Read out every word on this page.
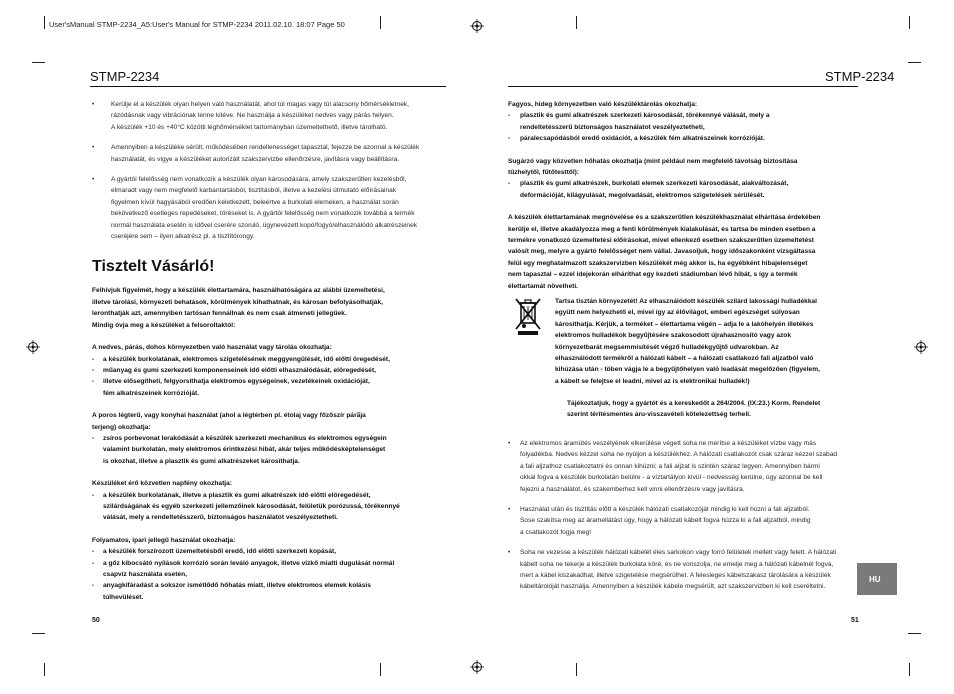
User'sManual STMP-2234_A5:User's Manual for STMP-2234 2011.02.10. 18:07 Page 50
STMP-2234	STMP-2234
•	Kerülje el a készülék olyan helyen való használatát, ahol túl magas vagy túl alacsony hőmérsékletnek,

rázódásnak vagy vibrációnak lenne kitéve. Ne használja a készüléket nedves vagy párás helyen.

A készülék +10 és +40°C közötti léghőmérséklet tartományban üzemeltethető, illetve tárolható.

•	Amennyiben a készüléke sérült, működésében rendellenességet tapasztal, fejezze be azonnal a készülék

használatát, és vigye a készüléket autorizált szakszervizbe ellenőrzésre, javításra vagy beállításra.

•	A gyártói felelősség nem vonatkozik a készülék olyan károsodására, amely szakszerűtlen kezelésből,

elmaradt vagy nem megfelelő karbantartásból, tisztításból, illetve a kezelési útmutató előírásainak

figyelmen kívül hagyásából eredően keletkezett, beleértve a burkolati elemeken, a használat során

bekövetkező esetleges repedéseket, töréseket is. A gyártói felelősség nem vonatkozik továbbá a termék

normál használata esetén is idővel cserére szoruló, ügynevezett kopó/fogyó/elhasználódó alkatrészeinek

cseréjére sem – ilyen alkatrész pl. a tisztítórongy.

Tisztelt Vásárló!

Felhívjuk figyelmét, hogy a készülék élettartamára, használhatóságára az alábbi üzemeltetési,

illetve tárolási, környezeti behatások, körülmények kihathatnak, és károsan befolyásolhatják,

leronthatják azt, amennyiben tartósan fennállnak és nem csak átmeneti jellegűek.

Mindig óvja meg a készüléket a felsoroltaktól:

A nedves, párás, dohos környezetben való használat vagy tárolás okozhatja:

- a készülék burkolatának, elektromos szigetelésének meggyengülését, idő előtti öregedését,

- műanyag és gumi szerkezeti komponenseinek idő előtti elhasználódását, elöregedését,

- illetve elősegítheti, felgyorsíthatja elektromos egységeinek, vezetékeinek oxidációját,

fém alkatrészeinek korrózióját.

A poros légterű, vagy konyhai használat (ahol a légtérben pl. étolaj vagy főzőszír pára̋ja

terjeng) okozhatja:

- zsíros porbevonat lerakódását a készülék szerkezeti mechanikus és elektromos egységein

valamint burkolatán, mely elektromos érintkezési hibát, akár teljes működésképtelenséget

is okozhat, illetve a plasztik és gumi alkatrészeket károsíthatja.

Készüléket érő közvetlen napfény okozhatja:

- a készülék burkolatának, illetve a plasztik és gumi alkatrészek idő előtti elöregedését,

szilárdságának és egyéb szerkezeti jellemzőinek károsodását, felületük porózussá, törékennyé

válását, mely a rendeltetésszerű, biztonságos használatot veszélyeztetheti.

Folyamatos, ipari jellegű használat okozhatja:

- a készülék forszírozott üzemeltetésből eredő, idő előtti szerkezeti kopását,

- a gőz kibocsátó nyílások korrózió során leváló anyagok, illetve vízkő miatti dugulását normál

csapvíz használata esetén,

- anyagkifáradást a sokszor ismétlődő hőhatás miatt, illetve elektromos elemek kolásis

túlhevülését.

50

Fagyos, hideg környezetben való készüléktárolás okozhatja:

- plasztik és gumi alkatrészek szerkezeti károsodását, törékennyé válását, mely a

rendeltetésszerű biztonságos használatot veszélyeztetheti,

- páralecsapódásból eredő oxidációt, a készülék fém alkatrészeinek korrózióját.

Sugárzó vagy közvetlen hőhatás okozhatja (mint például nem megfelelő távolság biztosítása

tűzhelytől, fűtőtesttől):

- plasztik és gumi alkatrészek, burkolati elemek szerkezeti károsodását, alakváltozását,

deformációját, kilágyulását, megolvadását, elektromos szigetelések sérülését.

A készülék élettartamának megnövelése és a szakszerűtlen készülékhasználat elhárítása érdekében

kerülje el, illetve akadályozza meg a fenti körülmények kialakulását, és tartsa be minden esetben a

termékre vonatkozó üzemeltetési előírásokat, mivel ellenkező esetben szakszerűtlen üzemeltetést

valósít meg, melyre a gyártó felelősséget nem vállal. Javasoljuk, hogy időszakonként vizsgáltassa

felül egy meghatalmazott szakszervizben készülékét még akkor is, ha egyébként hibajelenséget

nem tapasztal – ezzel idejekorán elháríthat egy kezdeti stádiumban lévő hibát, s így a termék

élettartamát növelheti.

Tartsa tisztán környezetét! Az elhasználódott készülék szilárd lakossági hulladékkal

együtt nem helyezhető el, mivel így az élővilágot, emberi egészséget súlyosan

károsíthatja. Kérjük, a terméket – élettartama végén – adja le a lakóhelyén illetékes

elektromos hulladékok begyűjtésére szakosodott újrahasznosító vagy azok

környezetbarát megsemmisítését végző hulladékgyűjtő udvarokban. Az

elhasználódott termékről a hálózati kábelt – a hálózati csatlakozó fali aljzatból való

kihúzása után - töben vágja le a begyűjtőhelyen való leadását megelőzően (figyelem,

a kábelt se felejtse el leadni, mivel az is elektronikai hulladék!)

Tájékoztatjuk, hogy a gyártót és a kereskedőt a 264/2004. (IX:23.) Korm. Rendelet

szerint térítésmentes áru-visszavételi kötelezettség terheli.

• Az elektromos áramütés veszélyének elkerülése végett soha ne merítse a készüléket vízbe vagy más

folyadékba. Nedves kézzel soha ne nyúljon a készülékhez. A hálózati csatlakozót csak száraz kézzel szabad

a fali aljzathoz csatlakoztatni és onnan kihúzni; a fali aljzat is szintén száraz legyen. Amennyiben bármi

okkal fogva a készülék burkolatán belülre - a víztartályon kívül - nedvesség kerülne, úgy azonnal be kell

fejezni a használatot, és szakemberhez kell vinni ellenőrzésre vagy javításra.

• Használat után és tisztítás előtt a készülék hálózati csatlakozóját mindig ki kell húzni a fali aljzatból.

Sose szakítsa meg az áramellátást úgy, hogy a hálózati kábelt fogva húzza ki a fali aljzatból, mindig

a csatlakozót fogja meg!

• Soha ne vezesse a készülék hálózati kábelét éles sarkokon vagy forró felületek mellett vagy felett. A hálózati

kábelt soha ne tekerje a készülék burkolata köré, és ne vonszolja, ne emelje meg a hálózati kábelnél fogva,

mert a kábel kiszakadhat, illetve szigetelése megsérülhet. A felesleges kábelszakasz tárolására a készülék

kábeltárolóját használja. Amennyiben a készülék kábele megsérült, azt szakszervizben ki kell cseréltetni.

51
HU
